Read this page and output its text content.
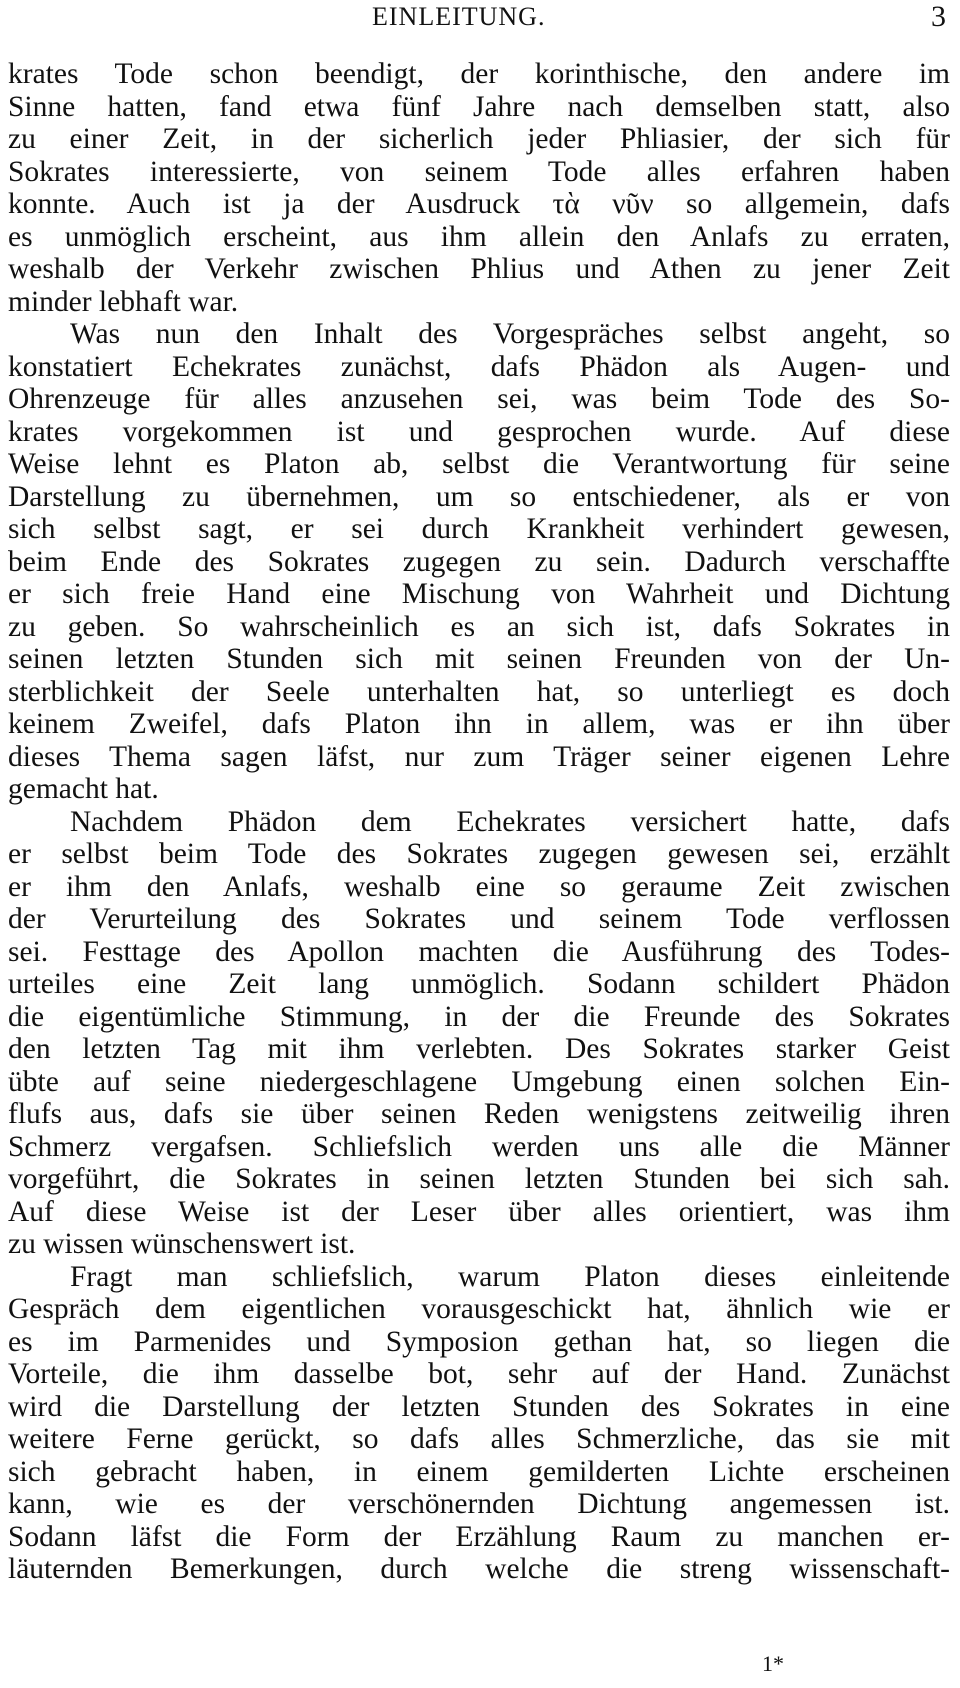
EINLEITUNG.	3
krates Tode schon beendigt, der korinthische, den andere im
Sinne hatten, fand etwa fünf Jahre nach demselben statt, also
zu einer Zeit, in der sicherlich jeder Phliasier, der sich für
Sokrates interessierte, von seinem Tode alles erfahren haben
konnte. Auch ist ja der Ausdruck τὰ νῦν so allgemein, dafs
es unmöglich erscheint, aus ihm allein den Anlafs zu erraten,
weshalb der Verkehr zwischen Phlius und Athen zu jener Zeit
minder lebhaft war.
Was nun den Inhalt des Vorgespräches selbst angeht, so
konstatiert Echekrates zunächst, dafs Phädon als Augen- und
Ohrenzeuge für alles anzusehen sei, was beim Tode des So-
krates vorgekommen ist und gesprochen wurde. Auf diese
Weise lehnt es Platon ab, selbst die Verantwortung für seine
Darstellung zu übernehmen, um so entschiedener, als er von
sich selbst sagt, er sei durch Krankheit verhindert gewesen,
beim Ende des Sokrates zugegen zu sein. Dadurch verschaffte
er sich freie Hand eine Mischung von Wahrheit und Dichtung
zu geben. So wahrscheinlich es an sich ist, dafs Sokrates in
seinen letzten Stunden sich mit seinen Freunden von der Un-
sterblichkeit der Seele unterhalten hat, so unterliegt es doch
keinem Zweifel, dafs Platon ihn in allem, was er ihn über
dieses Thema sagen läfst, nur zum Träger seiner eigenen Lehre
gemacht hat.
Nachdem Phädon dem Echekrates versichert hatte, dafs
er selbst beim Tode des Sokrates zugegen gewesen sei, erzählt
er ihm den Anlafs, weshalb eine so geraume Zeit zwischen
der Verurteilung des Sokrates und seinem Tode verflossen
sei. Festtage des Apollon machten die Ausführung des Todes-
urteiles eine Zeit lang unmöglich. Sodann schildert Phädon
die eigentümliche Stimmung, in der die Freunde des Sokrates
den letzten Tag mit ihm verlebten. Des Sokrates starker Geist
übte auf seine niedergeschlagene Umgebung einen solchen Ein-
flufs aus, dafs sie über seinen Reden wenigstens zeitweilig ihren
Schmerz vergafsen. Schliefslich werden uns alle die Männer
vorgeführt, die Sokrates in seinen letzten Stunden bei sich sah.
Auf diese Weise ist der Leser über alles orientiert, was ihm
zu wissen wünschenswert ist.
Fragt man schliefslich, warum Platon dieses einleitende
Gespräch dem eigentlichen vorausgeschickt hat, ähnlich wie er
es im Parmenides und Symposion gethan hat, so liegen die
Vorteile, die ihm dasselbe bot, sehr auf der Hand. Zunächst
wird die Darstellung der letzten Stunden des Sokrates in eine
weitere Ferne gerückt, so dafs alles Schmerzliche, das sie mit
sich gebracht haben, in einem gemilderten Lichte erscheinen
kann, wie es der verschönernden Dichtung angemessen ist.
Sodann läfst die Form der Erzählung Raum zu manchen er-
läuternden Bemerkungen, durch welche die streng wissenschaft-
1*
